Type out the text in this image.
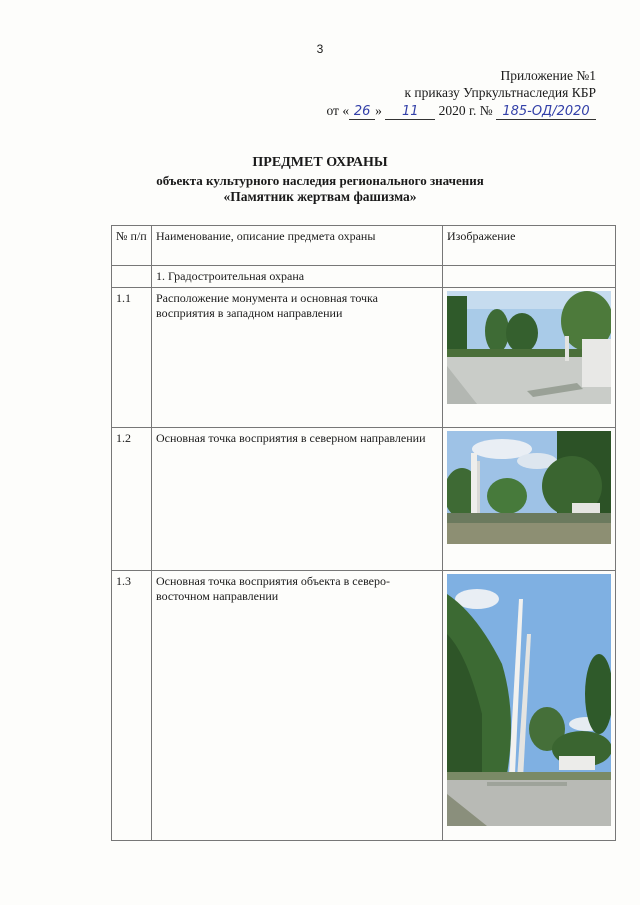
3
Приложение №1
к приказу Упркультнаследия КБР
от « 26 » 11 2020 г. № 185-ОД/2020
ПРЕДМЕТ ОХРАНЫ
объекта культурного наследия регионального значения
«Памятник жертвам фашизма»
№ п/п	Наименование, описание предмета охраны	Изображение
	1. Градостроительная охрана	
1.1	Расположение монумента и основная точка восприятия в западном направлении	

1.2	Основная точка восприятия в северном направлении	

1.3	Основная точка восприятия объекта в северо-восточном направлении	
